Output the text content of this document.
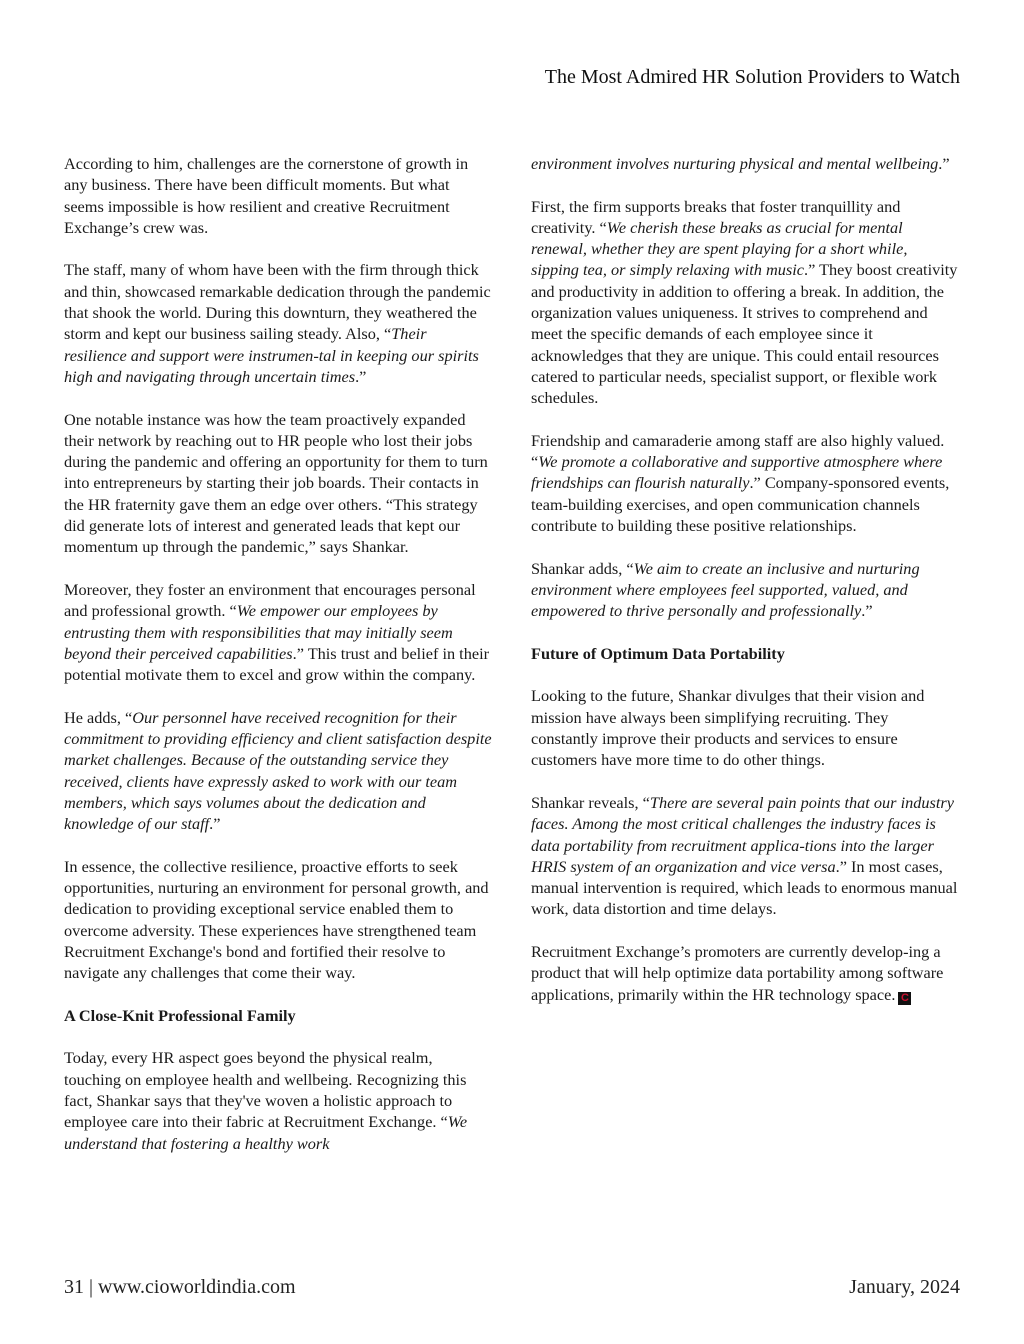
The Most Admired HR Solution Providers to Watch

According to him, challenges are the cornerstone of growth in any business. There have been difficult moments. But what seems impossible is how resilient and creative Recruitment Exchange’s crew was.

The staff, many of whom have been with the firm through thick and thin, showcased remarkable dedication through the pandemic that shook the world. During this downturn, they weathered the storm and kept our business sailing steady. Also, “Their resilience and support were instrumen-tal in keeping our spirits high and navigating through uncertain times.”

One notable instance was how the team proactively expanded their network by reaching out to HR people who lost their jobs during the pandemic and offering an opportunity for them to turn into entrepreneurs by starting their job boards. Their contacts in the HR fraternity gave them an edge over others. “This strategy did generate lots of interest and generated leads that kept our momentum up through the pandemic,” says Shankar.

Moreover, they foster an environment that encourages personal and professional growth. “We empower our employees by entrusting them with responsibilities that may initially seem beyond their perceived capabilities.” This trust and belief in their potential motivate them to excel and grow within the company.

He adds, “Our personnel have received recognition for their commitment to providing efficiency and client satisfaction despite market challenges. Because of the outstanding service they received, clients have expressly asked to work with our team members, which says volumes about the dedication and knowledge of our staff.”

In essence, the collective resilience, proactive efforts to seek opportunities, nurturing an environment for personal growth, and dedication to providing exceptional service enabled them to overcome adversity. These experiences have strengthened team Recruitment Exchange's bond and fortified their resolve to navigate any challenges that come their way.

A Close-Knit Professional Family

Today, every HR aspect goes beyond the physical realm, touching on employee health and wellbeing. Recognizing this fact, Shankar says that they've woven a holistic approach to employee care into their fabric at Recruitment Exchange. “We understand that fostering a healthy work

environment involves nurturing physical and mental wellbeing.”

First, the firm supports breaks that foster tranquillity and creativity. “We cherish these breaks as crucial for mental renewal, whether they are spent playing for a short while, sipping tea, or simply relaxing with music.” They boost creativity and productivity in addition to offering a break. In addition, the organization values uniqueness. It strives to comprehend and meet the specific demands of each employee since it acknowledges that they are unique. This could entail resources catered to particular needs, specialist support, or flexible work schedules.

Friendship and camaraderie among staff are also highly valued. “We promote a collaborative and supportive atmosphere where friendships can flourish naturally.” Company-sponsored events, team-building exercises, and open communication channels contribute to building these positive relationships.

Shankar adds, “We aim to create an inclusive and nurturing environment where employees feel supported, valued, and empowered to thrive personally and professionally.”

Future of Optimum Data Portability

Looking to the future, Shankar divulges that their vision and mission have always been simplifying recruiting. They constantly improve their products and services to ensure customers have more time to do other things.

Shankar reveals, “There are several pain points that our industry faces. Among the most critical challenges the industry faces is data portability from recruitment applica-tions into the larger HRIS system of an organization and vice versa.” In most cases, manual intervention is required, which leads to enormous manual work, data distortion and time delays.

Recruitment Exchange’s promoters are currently develop-ing a product that will help optimize data portability among software applications, primarily within the HR technology space. C

31 | www.cioworldindia.com	January, 2024
